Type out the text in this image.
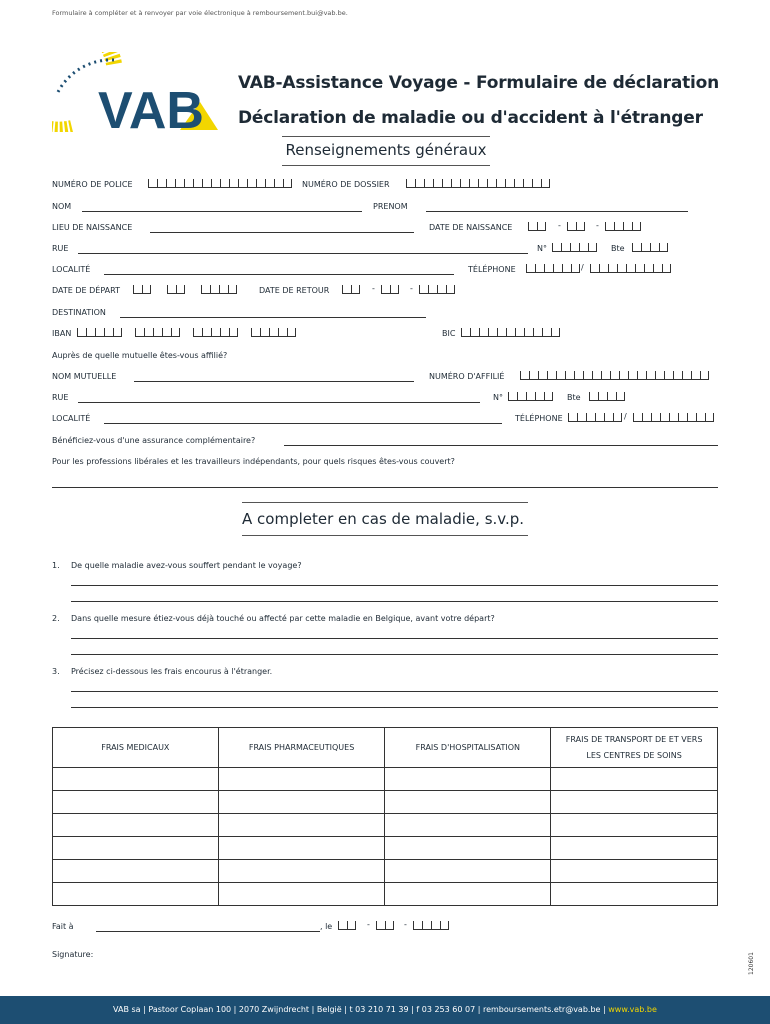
Formulaire à compléter et à renvoyer par voie électronique à remboursement.bui@vab.be.
VAB VAB-Assistance Voyage - Formulaire de déclaration
Déclaration de maladie ou d'accident à l'étranger
Renseignements généraux
NUMÉRO DE POLICE	NUMÉRO DE DOSSIER
NOM	PRENOM
LIEU DE NAISSANCE	DATE DE NAISSANCE	-	-
RUE	N°	Bte
LOCALITÉ	TÉLÉPHONE	/
DATE DE DÉPART	DATE DE RETOUR	-	-
DESTINATION
IBAN	BIC
Auprès de quelle mutuelle êtes-vous affilié?
NOM MUTUELLE	NUMÉRO D'AFFILIÉ
RUE	N°	Bte
LOCALITÉ	TÉLÉPHONE	/
Bénéficiez-vous d'une assurance complémentaire?
Pour les professions libérales et les travailleurs indépendants, pour quels risques êtes-vous couvert?
A completer en cas de maladie, s.v.p.
1. De quelle maladie avez-vous souffert pendant le voyage?
2. Dans quelle mesure étiez-vous déjà touché ou affecté par cette maladie en Belgique, avant votre départ?
3. Précisez ci-dessous les frais encourus à l'étranger.
FRAIS MEDICAUX	FRAIS PHARMACEUTIQUES	FRAIS D'HOSPITALISATION	FRAIS DE TRANSPORT DE ET VERS LES CENTRES DE SOINS

Fait à	, le	-	-
Signature:	120601
VAB sa | Pastoor Coplaan 100 | 2070 Zwijndrecht | België | t 03 210 71 39 | f 03 253 60 07 | remboursements.etr@vab.be | www.vab.be
